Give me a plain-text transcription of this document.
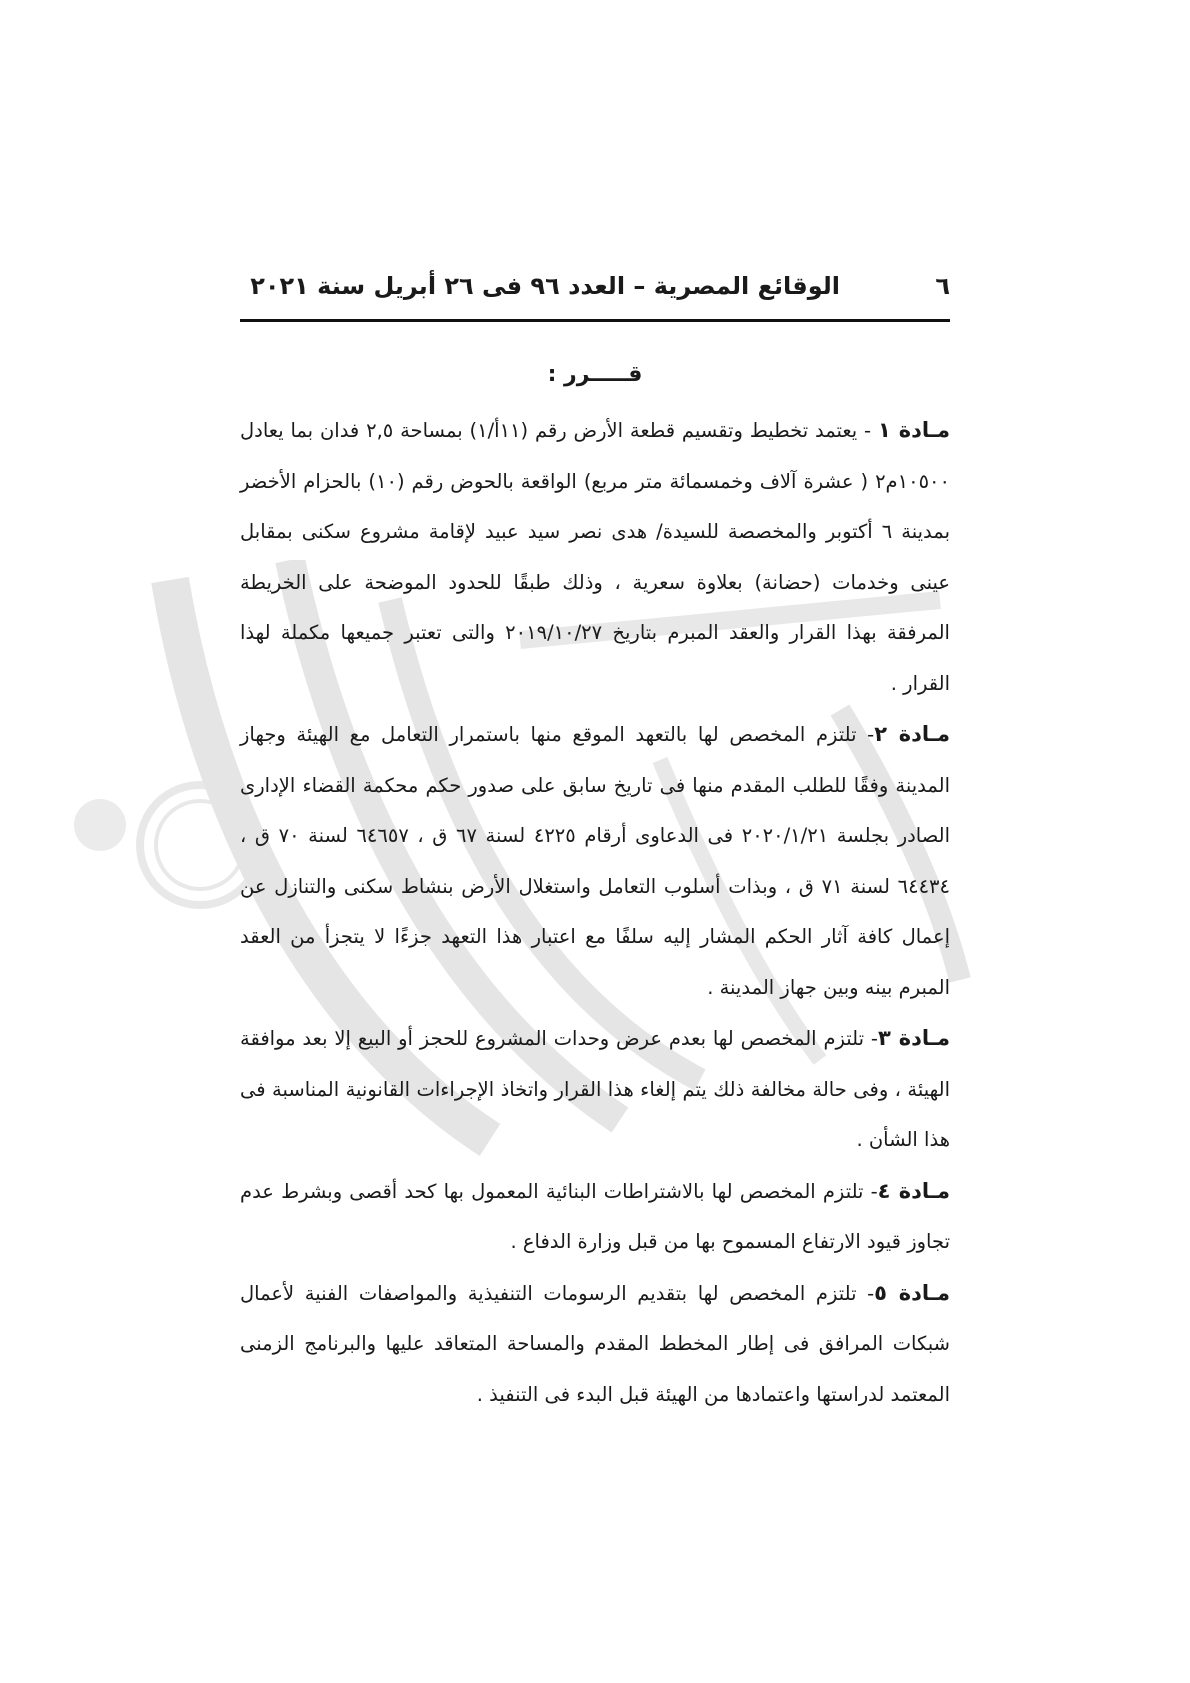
٦
الوقائع المصرية – العدد ٩٦ فى ٢٦ أبريل سنة ٢٠٢١
قـــــرر :

مـادة ١ - يعتمد تخطيط وتقسيم قطعة الأرض رقم (١١أ/١) بمساحة ٢,٥ فدان بما يعادل ١٠٥٠٠م٢ ( عشرة آلاف وخمسمائة متر مربع) الواقعة بالحوض رقم (١٠) بالحزام الأخضر بمدينة ٦ أكتوبر والمخصصة للسيدة/ هدى نصر سيد عبيد لإقامة مشروع سكنى بمقابل عينى وخدمات (حضانة) بعلاوة سعرية ، وذلك طبقًا للحدود الموضحة على الخريطة المرفقة بهذا القرار والعقد المبرم بتاريخ ٢٠١٩/١٠/٢٧ والتى تعتبر جميعها مكملة لهذا القرار .

مـادة ٢- تلتزم المخصص لها بالتعهد الموقع منها باستمرار التعامل مع الهيئة وجهاز المدينة وفقًا للطلب المقدم منها فى تاريخ سابق على صدور حكم محكمة القضاء الإدارى الصادر بجلسة ٢٠٢٠/١/٢١ فى الدعاوى أرقام ٤٢٢٥ لسنة ٦٧ ق ، ٦٤٦٥٧ لسنة ٧٠ ق ، ٦٤٤٣٤ لسنة ٧١ ق ، وبذات أسلوب التعامل واستغلال الأرض بنشاط سكنى والتنازل عن إعمال كافة آثار الحكم المشار إليه سلفًا مع اعتبار هذا التعهد جزءًا لا يتجزأ من العقد المبرم بينه وبين جهاز المدينة .

مـادة ٣- تلتزم المخصص لها بعدم عرض وحدات المشروع للحجز أو البيع إلا بعد موافقة الهيئة ، وفى حالة مخالفة ذلك يتم إلغاء هذا القرار واتخاذ الإجراءات القانونية المناسبة فى هذا الشأن .

مـادة ٤- تلتزم المخصص لها بالاشتراطات البنائية المعمول بها كحد أقصى وبشرط عدم تجاوز قيود الارتفاع المسموح بها من قبل وزارة الدفاع .

مـادة ٥- تلتزم المخصص لها بتقديم الرسومات التنفيذية والمواصفات الفنية لأعمال شبكات المرافق فى إطار المخطط المقدم والمساحة المتعاقد عليها والبرنامج الزمنى المعتمد لدراستها واعتمادها من الهيئة قبل البدء فى التنفيذ .
